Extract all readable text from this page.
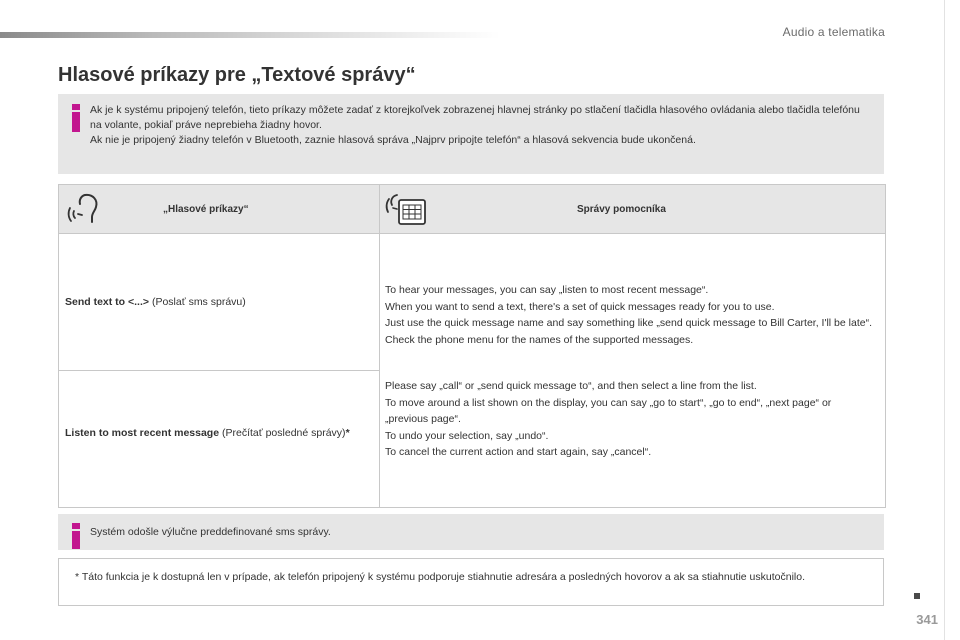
Audio a telematika
Hlasové príkazy pre „Textové správy“

Ak je k systému pripojený telefón, tieto príkazy môžete zadať z ktorejkoľvek zobrazenej hlavnej stránky po stlačení tlačidla hlasového ovládania alebo tlačidla telefónu na volante, pokiaľ práve neprebieha žiadny hovor.

Ak nie je pripojený žiadny telefón v Bluetooth, zaznie hlasová správa „Najprv pripojte telefón“ a hlasová sekvencia bude ukončená.

„Hlasové príkazy“	Správy pomocníka
Send text to <...> (Poslať sms správu)
Listen to most recent message (Prečítať posledné správy)*

To hear your messages, you can say „listen to most recent message“.

When you want to send a text, there's a set of quick messages ready for you to use.

Just use the quick message name and say something like „send quick message to Bill Carter, I'll be late“.

Check the phone menu for the names of the supported messages.

Please say „call“ or „send quick message to“, and then select a line from the list.

To move around a list shown on the display, you can say „go to start“, „go to end“, „next page“ or „previous page“.

To undo your selection, say „undo“.

To cancel the current action and start again, say „cancel“.

Systém odošle výlučne preddefinované sms správy.

* Táto funkcia je k dostupná len v prípade, ak telefón pripojený k systému podporuje stiahnutie adresára a posledných hovorov a ak sa stiahnutie uskutočnilo.
341
